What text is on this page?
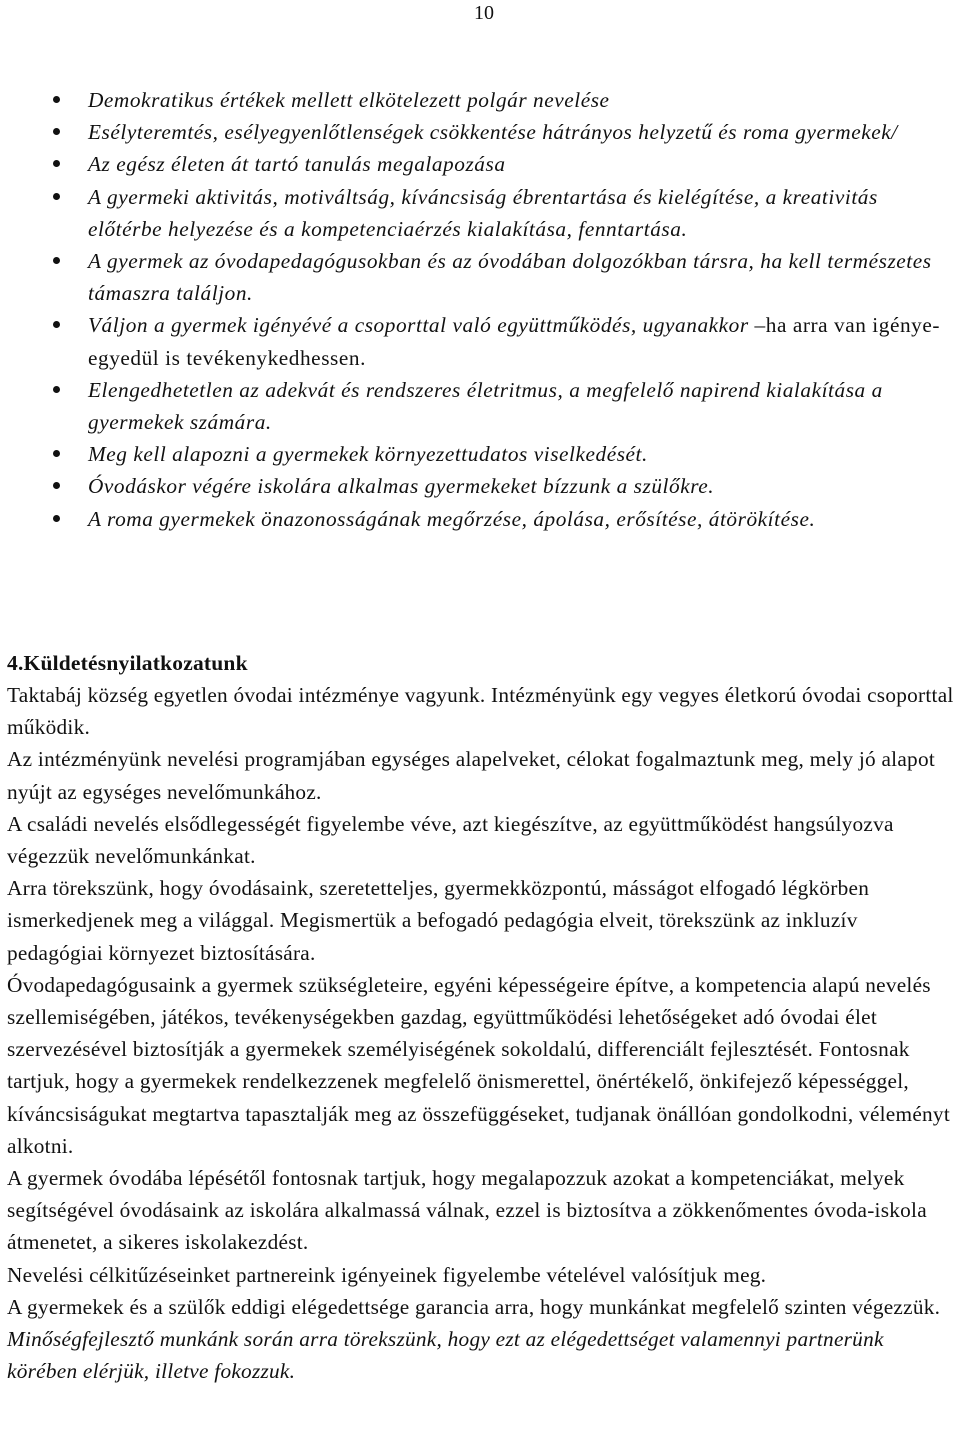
10
Demokratikus értékek mellett elkötelezett polgár nevelése
Esélyteremtés, esélyegyenlőtlenségek csökkentése hátrányos helyzetű és roma gyermekek/
Az egész életen át tartó tanulás megalapozása
A gyermeki aktivitás, motiváltság, kíváncsiság ébrentartása és kielégítése, a kreativitás előtérbe helyezése és a kompetenciaérzés kialakítása, fenntartása.
A gyermek az óvodapedagógusokban és az óvodában dolgozókban társra, ha kell természetes támaszra találjon.
Váljon a gyermek igényévé a csoporttal való együttműködés, ugyanakkor –ha arra van igénye- egyedül is tevékenykedhessen.
Elengedhetetlen az adekvát és rendszeres életritmus, a megfelelő napirend kialakítása a gyermekek számára.
Meg kell alapozni a gyermekek környezettudatos viselkedését.
Óvodáskor végére iskolára alkalmas gyermekeket bízzunk a szülőkre.
A roma gyermekek önazonosságának megőrzése, ápolása, erősítése, átörökítése.
4.Küldetésnyilatkozatunk

Taktabáj község egyetlen óvodai intézménye vagyunk. Intézményünk egy vegyes életkorú óvodai csoporttal működik.

Az intézményünk nevelési programjában egységes alapelveket, célokat fogalmaztunk meg, mely jó alapot nyújt az egységes nevelőmunkához.

A családi nevelés elsődlegességét figyelembe véve, azt kiegészítve, az együttműködést hangsúlyozva végezzük nevelőmunkánkat.

Arra törekszünk, hogy óvodásaink, szeretetteljes, gyermekközpontú, másságot elfogadó légkörben ismerkedjenek meg a világgal. Megismertük a befogadó pedagógia elveit, törekszünk az inkluzív pedagógiai környezet biztosítására.

Óvodapedagógusaink a gyermek szükségleteire, egyéni képességeire építve, a kompetencia alapú nevelés szellemiségében, játékos, tevékenységekben gazdag, együttműködési lehetőségeket adó óvodai élet szervezésével biztosítják a gyermekek személyiségének sokoldalú, differenciált fejlesztését. Fontosnak tartjuk, hogy a gyermekek rendelkezzenek megfelelő önismerettel, önértékelő, önkifejező képességgel, kíváncsiságukat megtartva tapasztalják meg az összefüggéseket, tudjanak önállóan gondolkodni, véleményt alkotni.

A gyermek óvodába lépésétől fontosnak tartjuk, hogy megalapozzuk azokat a kompetenciákat, melyek segítségével óvodásaink az iskolára alkalmassá válnak, ezzel is biztosítva a zökkenőmentes óvoda-iskola átmenetet, a sikeres iskolakezdést.

Nevelési célkitűzéseinket partnereink igényeinek figyelembe vételével valósítjuk meg.

A gyermekek és a szülők eddigi elégedettsége garancia arra, hogy munkánkat megfelelő szinten végezzük.

Minőségfejlesztő munkánk során arra törekszünk, hogy ezt az elégedettséget valamennyi partnerünk körében elérjük, illetve fokozzuk.
